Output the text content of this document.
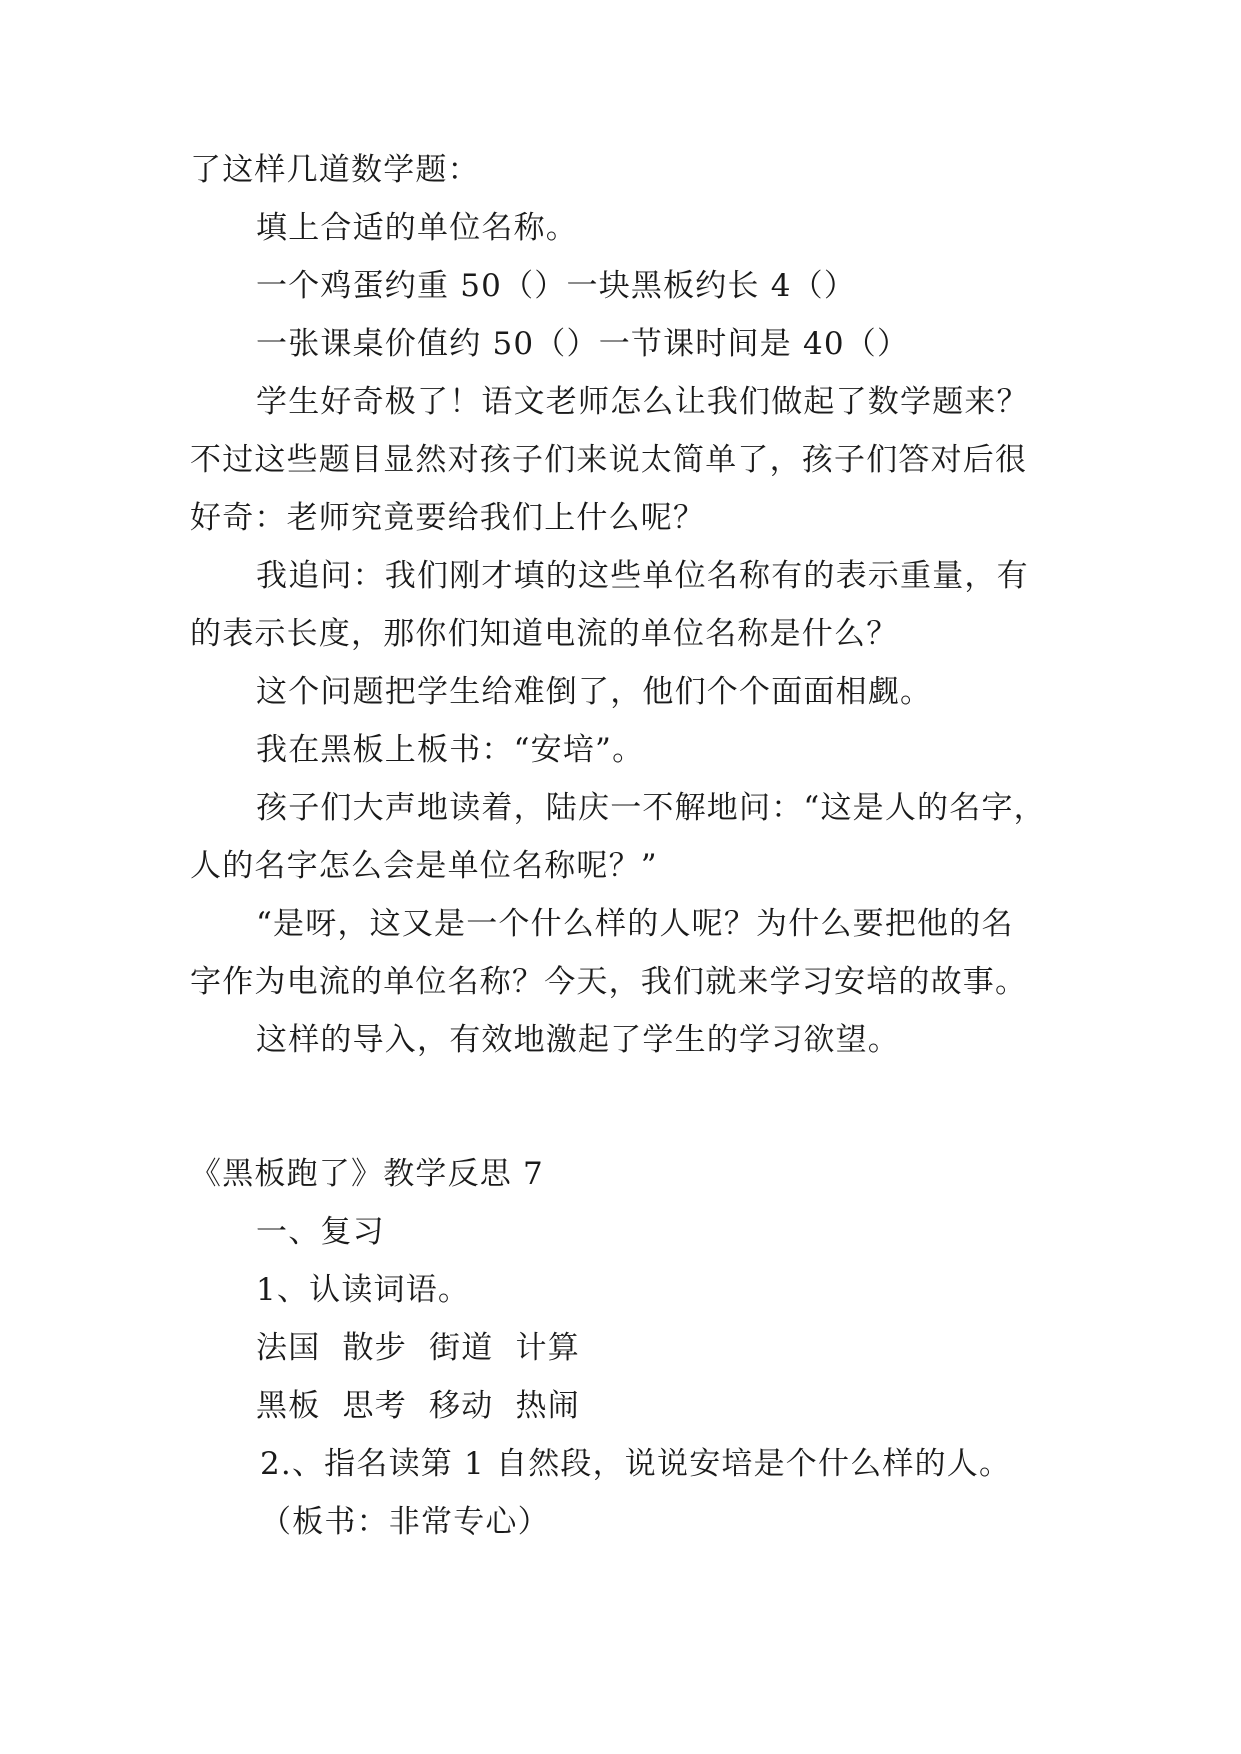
了这样几道数学题：
填上合适的单位名称。
一个鸡蛋约重 50（）一块黑板约长 4（）
一张课桌价值约 50（）一节课时间是 40（）
学生好奇极了！语文老师怎么让我们做起了数学题来？
不过这些题目显然对孩子们来说太简单了，孩子们答对后很
好奇：老师究竟要给我们上什么呢？
我追问：我们刚才填的这些单位名称有的表示重量，有
的表示长度，那你们知道电流的单位名称是什么？
这个问题把学生给难倒了，他们个个面面相觑。
我在黑板上板书：“安培”。
孩子们大声地读着，陆庆一不解地问：“这是人的名字，
人的名字怎么会是单位名称呢？”
“是呀，这又是一个什么样的人呢？为什么要把他的名
字作为电流的单位名称？今天，我们就来学习安培的故事。
这样的导入，有效地激起了学生的学习欲望。
《黑板跑了》教学反思 7
一、复习
1、认读词语。
法国  散步  街道  计算
黑板  思考  移动  热闹
2.、指名读第 1 自然段，说说安培是个什么样的人。
（板书：非常专心）
